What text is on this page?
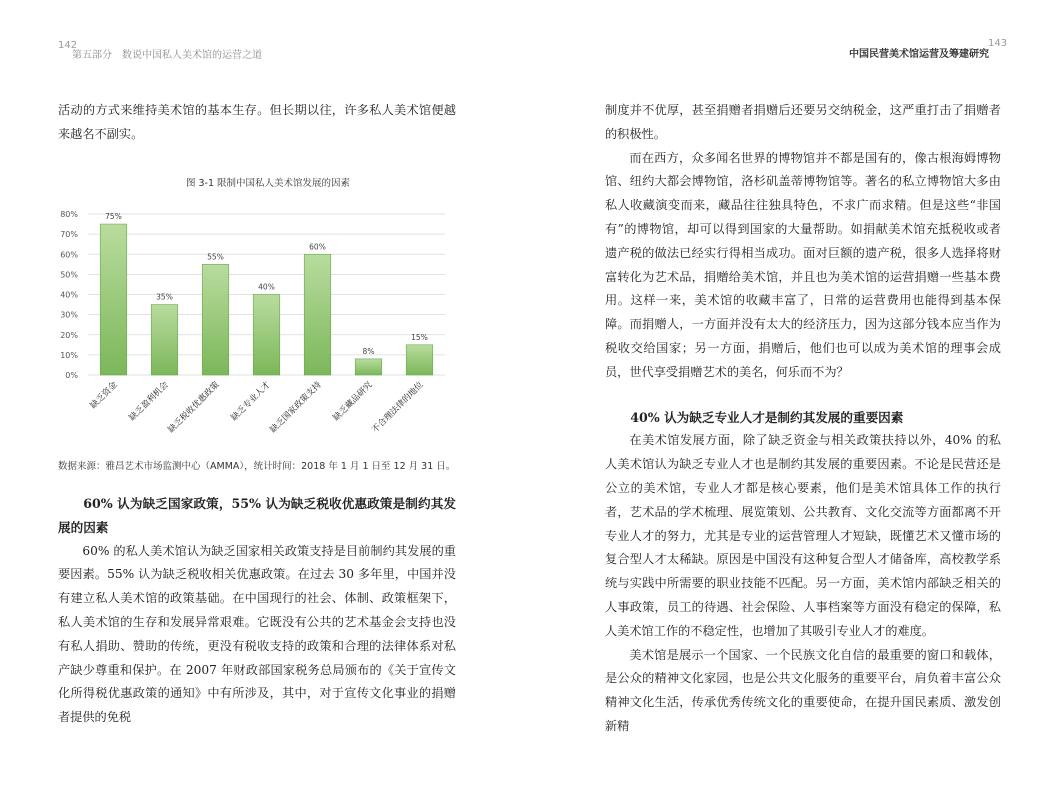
142
第五部分　数说中国私人美术馆的运营之道

活动的方式来维持美术馆的基本生存。但长期以往，许多私人美术馆便越来越名不副实。

图 3-1 限制中国私人美术馆发展的因素
0%
10%
20%
30%
40%
50%
60%
70%
80%	75%
35%
55%
40%
60%
8%
15%
缺乏资金 缺乏盈利机会
缺乏税收优惠政策 缺乏专业人才
缺乏国家政策支持 缺乏藏品研究
不合理法律的地位
数据来源：雅昌艺术市场监测中心（AMMA），统计时间：2018 年 1 月 1 日至 12 月 31 日。

60% 认为缺乏国家政策，55% 认为缺乏税收优惠政策是制约其发展的因素

60% 的私人美术馆认为缺乏国家相关政策支持是目前制约其发展的重要因素。55% 认为缺乏税收相关优惠政策。在过去 30 多年里，中国并没有建立私人美术馆的政策基础。在中国现行的社会、体制、政策框架下，私人美术馆的生存和发展异常艰难。它既没有公共的艺术基金会支持也没有私人捐助、赞助的传统，更没有税收支持的政策和合理的法律体系对私产缺少尊重和保护。在 2007 年财政部国家税务总局颁布的《关于宣传文化所得税优惠政策的通知》中有所涉及，其中，对于宣传文化事业的捐赠者提供的免税

143
中国民营美术馆运营及筹建研究

制度并不优厚，甚至捐赠者捐赠后还要另交纳税金，这严重打击了捐赠者的积极性。

而在西方，众多闻名世界的博物馆并不都是国有的，像古根海姆博物馆、纽约大都会博物馆，洛杉矶盖蒂博物馆等。著名的私立博物馆大多由私人收藏演变而来，藏品往往独具特色，不求广而求精。但是这些“非国有”的博物馆，却可以得到国家的大量帮助。如捐献美术馆充抵税收或者遗产税的做法已经实行得相当成功。面对巨额的遗产税，很多人选择将财富转化为艺术品，捐赠给美术馆，并且也为美术馆的运营捐赠一些基本费用。这样一来，美术馆的收藏丰富了，日常的运营费用也能得到基本保障。而捐赠人，一方面并没有太大的经济压力，因为这部分钱本应当作为税收交给国家；另一方面，捐赠后，他们也可以成为美术馆的理事会成员，世代享受捐赠艺术的美名，何乐而不为？

40% 认为缺乏专业人才是制约其发展的重要因素

在美术馆发展方面，除了缺乏资金与相关政策扶持以外，40% 的私人美术馆认为缺乏专业人才也是制约其发展的重要因素。不论是民营还是公立的美术馆，专业人才都是核心要素，他们是美术馆具体工作的执行者，艺术品的学术梳理、展览策划、公共教育、文化交流等方面都离不开专业人才的努力，尤其是专业的运营管理人才短缺，既懂艺术又懂市场的复合型人才太稀缺。原因是中国没有这种复合型人才储备库，高校教学系统与实践中所需要的职业技能不匹配。另一方面，美术馆内部缺乏相关的人事政策，员工的待遇、社会保险、人事档案等方面没有稳定的保障，私人美术馆工作的不稳定性，也增加了其吸引专业人才的难度。

美术馆是展示一个国家、一个民族文化自信的最重要的窗口和载体，是公众的精神文化家园，也是公共文化服务的重要平台，肩负着丰富公众精神文化生活，传承优秀传统文化的重要使命，在提升国民素质、激发创新精
